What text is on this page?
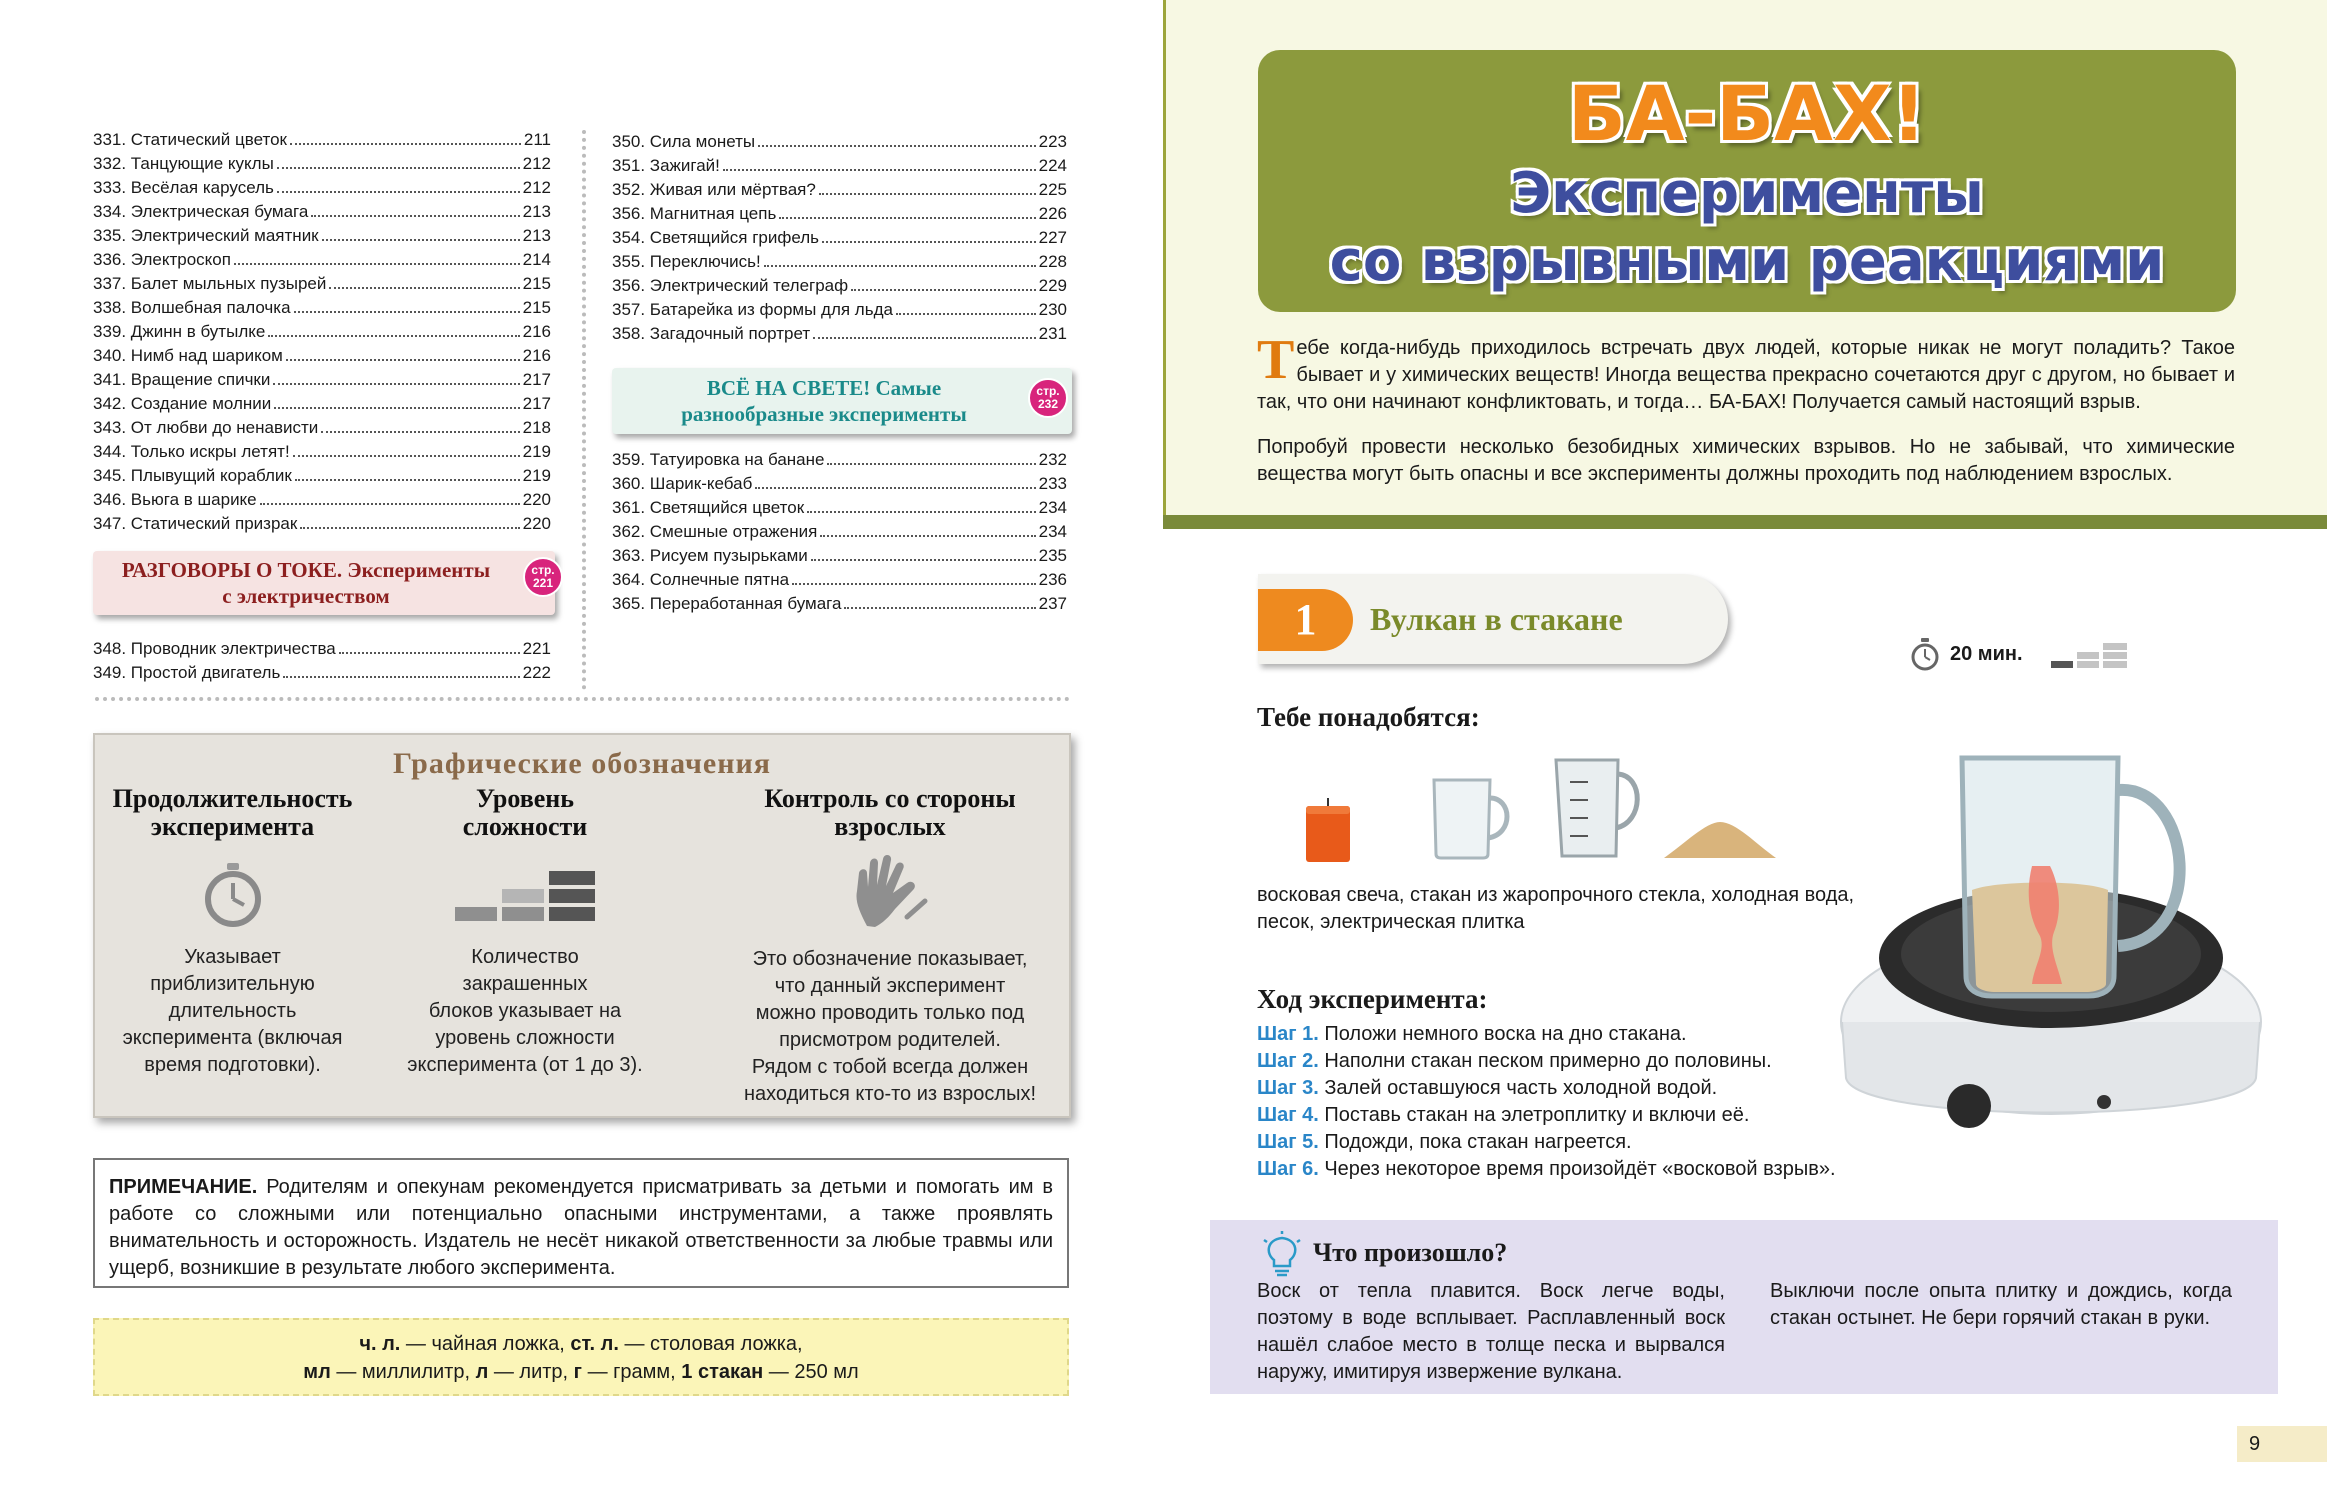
331. Статический цветок	211
332. Танцующие куклы	212
333. Весёлая карусель	212
334. Электрическая бумага	213
335. Электрический маятник	213
336. Электроскоп	214
337. Балет мыльных пузырей	215
338. Волшебная палочка	215
339. Джинн в бутылке	216
340. Нимб над шариком	216
341. Вращение спички	217
342. Создание молнии	217
343. От любви до ненависти	218
344. Только искры летят!	219
345. Плывущий кораблик	219
346. Вьюга в шарике	220
347. Статический призрак	220
РАЗГОВОРЫ О ТОКЕ. Эксперименты
с электричеством
стр.
221
348. Проводник электричества	221
349. Простой двигатель	222
350. Сила монеты	223
351. Зажигай!	224
352. Живая или мёртвая?	225
356. Магнитная цепь	226
354. Светящийся грифель	227
355. Переключись!	228
356. Электрический телеграф	229
357. Батарейка из формы для льда	230
358. Загадочный портрет	231
ВСЁ НА СВЕТЕ! Самые
разнообразные эксперименты
стр.
232
359. Татуировка на банане	232
360. Шарик-кебаб	233
361. Светящийся цветок	234
362. Смешные отражения	234
363. Рисуем пузырьками	235
364. Солнечные пятна	236
365. Переработанная бумага	237
Графические обозначения
Продолжительность
эксперимента

Указывает
приблизительную
длительность
эксперимента (включая
время подготовки).

Уровень
сложности

Количество
закрашенных
блоков указывает на
уровень сложности
эксперимента (от 1 до 3).

Контроль со стороны
взрослых

Это обозначение показывает,
что данный эксперимент
можно проводить только под
присмотром родителей.
Рядом с тобой всегда должен
находиться кто-то из взрослых!

ПРИМЕЧАНИЕ. Родителям и опекунам рекомендуется присматривать за детьми и помогать им в работе со сложными или потенциально опасными инструментами, а также проявлять внимательность и осторожность. Издатель не несёт никакой ответственности за любые травмы или ущерб, возникшие в результате любого эксперимента.
ч. л. — чайная ложка, ст. л. — столовая ложка,
мл — миллилитр, л — литр, г — грамм, 1 стакан — 250 мл
БА-БАХ!
Эксперименты
со взрывными реакциями

Тебе когда-нибудь приходилось встречать двух людей, которые никак не могут поладить? Такое бывает и у химических веществ! Иногда вещества прекрасно сочетаются друг с другом, но бывает и так, что они начинают конфликтовать, и тогда… БА-БАХ! Получается самый настоящий взрыв.

Попробуй провести несколько безобидных химических взрывов. Но не забывай, что химические вещества могут быть опасны и все эксперименты должны проходить под наблюдением взрослых.

1	Вулкан в стакане
20 мин.
Тебе понадобятся:
восковая свеча, стакан из жаропрочного стекла, холодная вода, песок, электрическая плитка
Ход эксперимента:
Шаг 1. Положи немного воска на дно стакана.
Шаг 2. Наполни стакан песком примерно до половины.
Шаг 3. Залей оставшуюся часть холодной водой.
Шаг 4. Поставь стакан на элетроплитку и включи её.
Шаг 5. Подожди, пока стакан нагреется.
Шаг 6. Через некоторое время произойдёт «восковой взрыв».
Что произошло?
Воск от тепла плавится. Воск легче воды, поэтому в воде всплывает. Расплавленный воск нашёл слабое место в толще песка и вырвался наружу, имитируя извержение вулкана.
Выключи после опыта плитку и дождись, когда стакан остынет. Не бери горячий стакан в руки.
9
